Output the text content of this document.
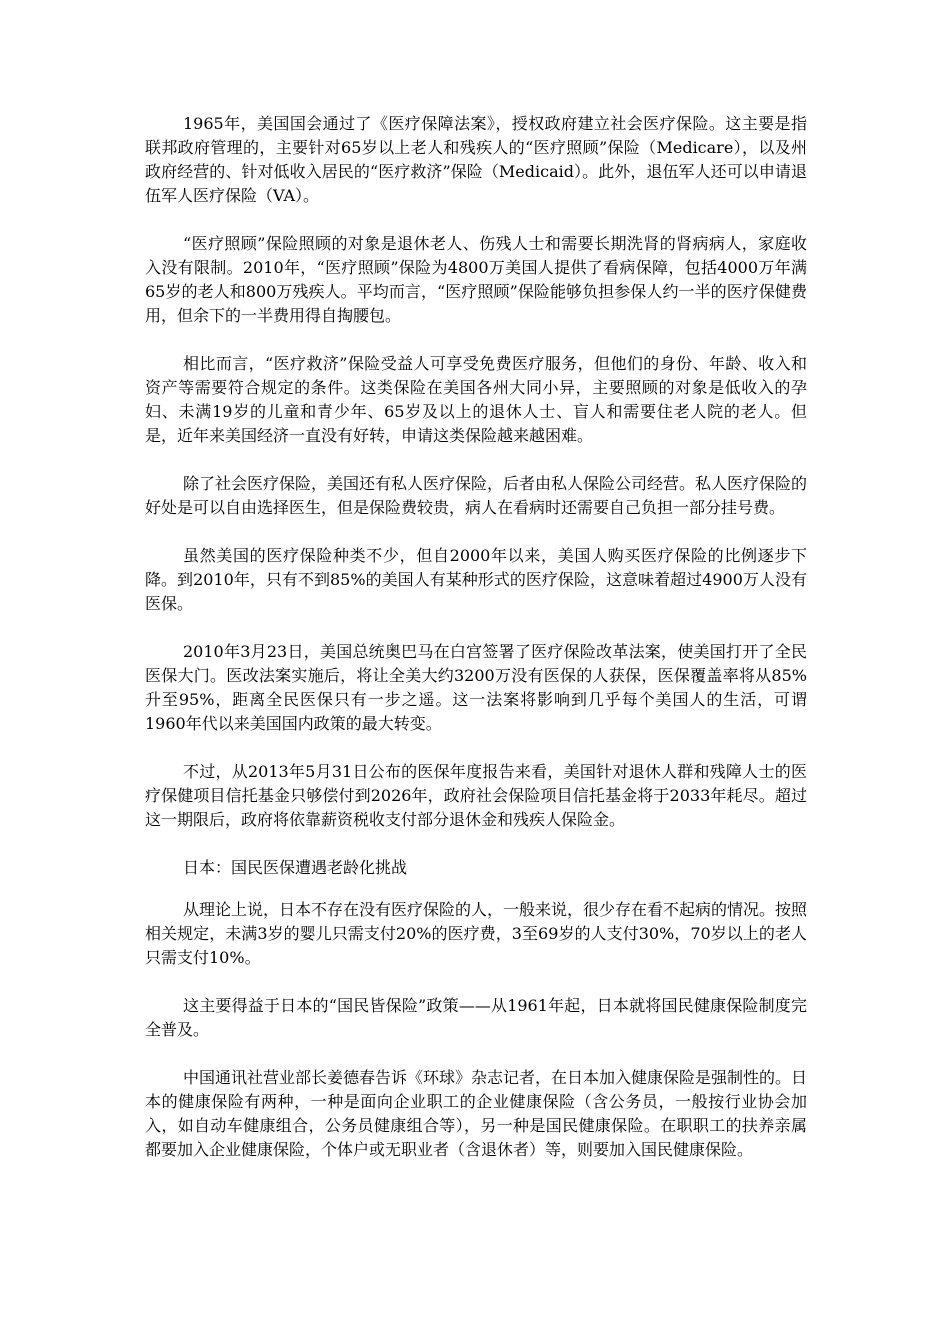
1965年，美国国会通过了《医疗保障法案》，授权政府建立社会医疗保险。这主要是指联邦政府管理的，主要针对65岁以上老人和残疾人的“医疗照顾”保险（Medicare），以及州政府经营的、针对低收入居民的“医疗救济”保险（Medicaid）。此外，退伍军人还可以申请退伍军人医疗保险（VA）。

“医疗照顾”保险照顾的对象是退休老人、伤残人士和需要长期洗肾的肾病病人，家庭收入没有限制。2010年，“医疗照顾”保险为4800万美国人提供了看病保障，包括4000万年满65岁的老人和800万残疾人。平均而言，“医疗照顾”保险能够负担参保人约一半的医疗保健费用，但余下的一半费用得自掏腰包。

相比而言，“医疗救济”保险受益人可享受免费医疗服务，但他们的身份、年龄、收入和资产等需要符合规定的条件。这类保险在美国各州大同小异，主要照顾的对象是低收入的孕妇、未满19岁的儿童和青少年、65岁及以上的退休人士、盲人和需要住老人院的老人。但是，近年来美国经济一直没有好转，申请这类保险越来越困难。

除了社会医疗保险，美国还有私人医疗保险，后者由私人保险公司经营。私人医疗保险的好处是可以自由选择医生，但是保险费较贵，病人在看病时还需要自己负担一部分挂号费。

虽然美国的医疗保险种类不少，但自2000年以来，美国人购买医疗保险的比例逐步下降。到2010年，只有不到85%的美国人有某种形式的医疗保险，这意味着超过4900万人没有医保。

2010年3月23日，美国总统奥巴马在白宫签署了医疗保险改革法案，使美国打开了全民医保大门。医改法案实施后，将让全美大约3200万没有医保的人获保，医保覆盖率将从85%升至95%，距离全民医保只有一步之遥。这一法案将影响到几乎每个美国人的生活，可谓1960年代以来美国国内政策的最大转变。

不过，从2013年5月31日公布的医保年度报告来看，美国针对退休人群和残障人士的医疗保健项目信托基金只够偿付到2026年，政府社会保险项目信托基金将于2033年耗尽。超过这一期限后，政府将依靠薪资税收支付部分退休金和残疾人保险金。

日本：国民医保遭遇老龄化挑战

从理论上说，日本不存在没有医疗保险的人，一般来说，很少存在看不起病的情况。按照相关规定，未满3岁的婴儿只需支付20%的医疗费，3至69岁的人支付30%，70岁以上的老人只需支付10%。

这主要得益于日本的“国民皆保险”政策——从1961年起，日本就将国民健康保险制度完全普及。

中国通讯社营业部长姜德春告诉《环球》杂志记者，在日本加入健康保险是强制性的。日本的健康保险有两种，一种是面向企业职工的企业健康保险（含公务员，一般按行业协会加入，如自动车健康组合，公务员健康组合等），另一种是国民健康保险。在职职工的扶养亲属都要加入企业健康保险，个体户或无职业者（含退休者）等，则要加入国民健康保险。
